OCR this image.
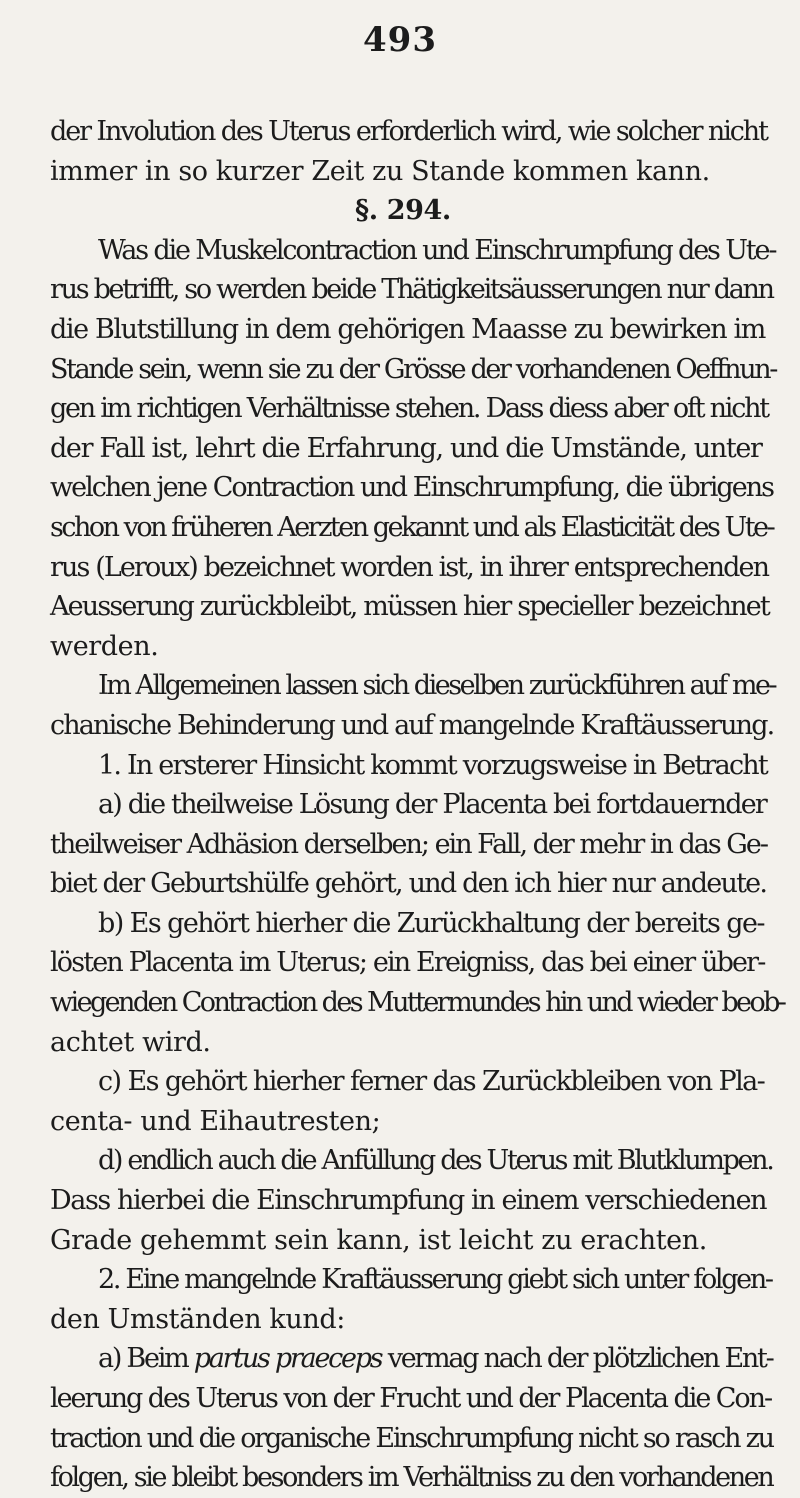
493
der Involution des Uterus erforderlich wird, wie solcher nicht
immer in so kurzer Zeit zu Stande kommen kann.
§. 294.
Was die Muskelcontraction und Einschrumpfung des Ute-
rus betrifft, so werden beide Thätigkeitsäusserungen nur dann
die Blutstillung in dem gehörigen Maasse zu bewirken im
Stande sein, wenn sie zu der Grösse der vorhandenen Oeffnun-
gen im richtigen Verhältnisse stehen. Dass diess aber oft nicht
der Fall ist, lehrt die Erfahrung, und die Umstände, unter
welchen jene Contraction und Einschrumpfung, die übrigens
schon von früheren Aerzten gekannt und als Elasticität des Ute-
rus (Leroux) bezeichnet worden ist, in ihrer entsprechenden
Aeusserung zurückbleibt, müssen hier specieller bezeichnet
werden.
Im Allgemeinen lassen sich dieselben zurückführen auf me-
chanische Behinderung und auf mangelnde Kraftäusserung.
1. In ersterer Hinsicht kommt vorzugsweise in Betracht
a) die theilweise Lösung der Placenta bei fortdauernder
theilweiser Adhäsion derselben; ein Fall, der mehr in das Ge-
biet der Geburtshülfe gehört, und den ich hier nur andeute.
b) Es gehört hierher die Zurückhaltung der bereits ge-
lösten Placenta im Uterus; ein Ereigniss, das bei einer über-
wiegenden Contraction des Muttermundes hin und wieder beob-
achtet wird.
c) Es gehört hierher ferner das Zurückbleiben von Pla-
centa- und Eihautresten;
d) endlich auch die Anfüllung des Uterus mit Blutklumpen.
Dass hierbei die Einschrumpfung in einem verschiedenen
Grade gehemmt sein kann, ist leicht zu erachten.
2. Eine mangelnde Kraftäusserung giebt sich unter folgen-
den Umständen kund:
a) Beim partus praeceps vermag nach der plötzlichen Ent-
leerung des Uterus von der Frucht und der Placenta die Con-
traction und die organische Einschrumpfung nicht so rasch zu
folgen, sie bleibt besonders im Verhältniss zu den vorhandenen
